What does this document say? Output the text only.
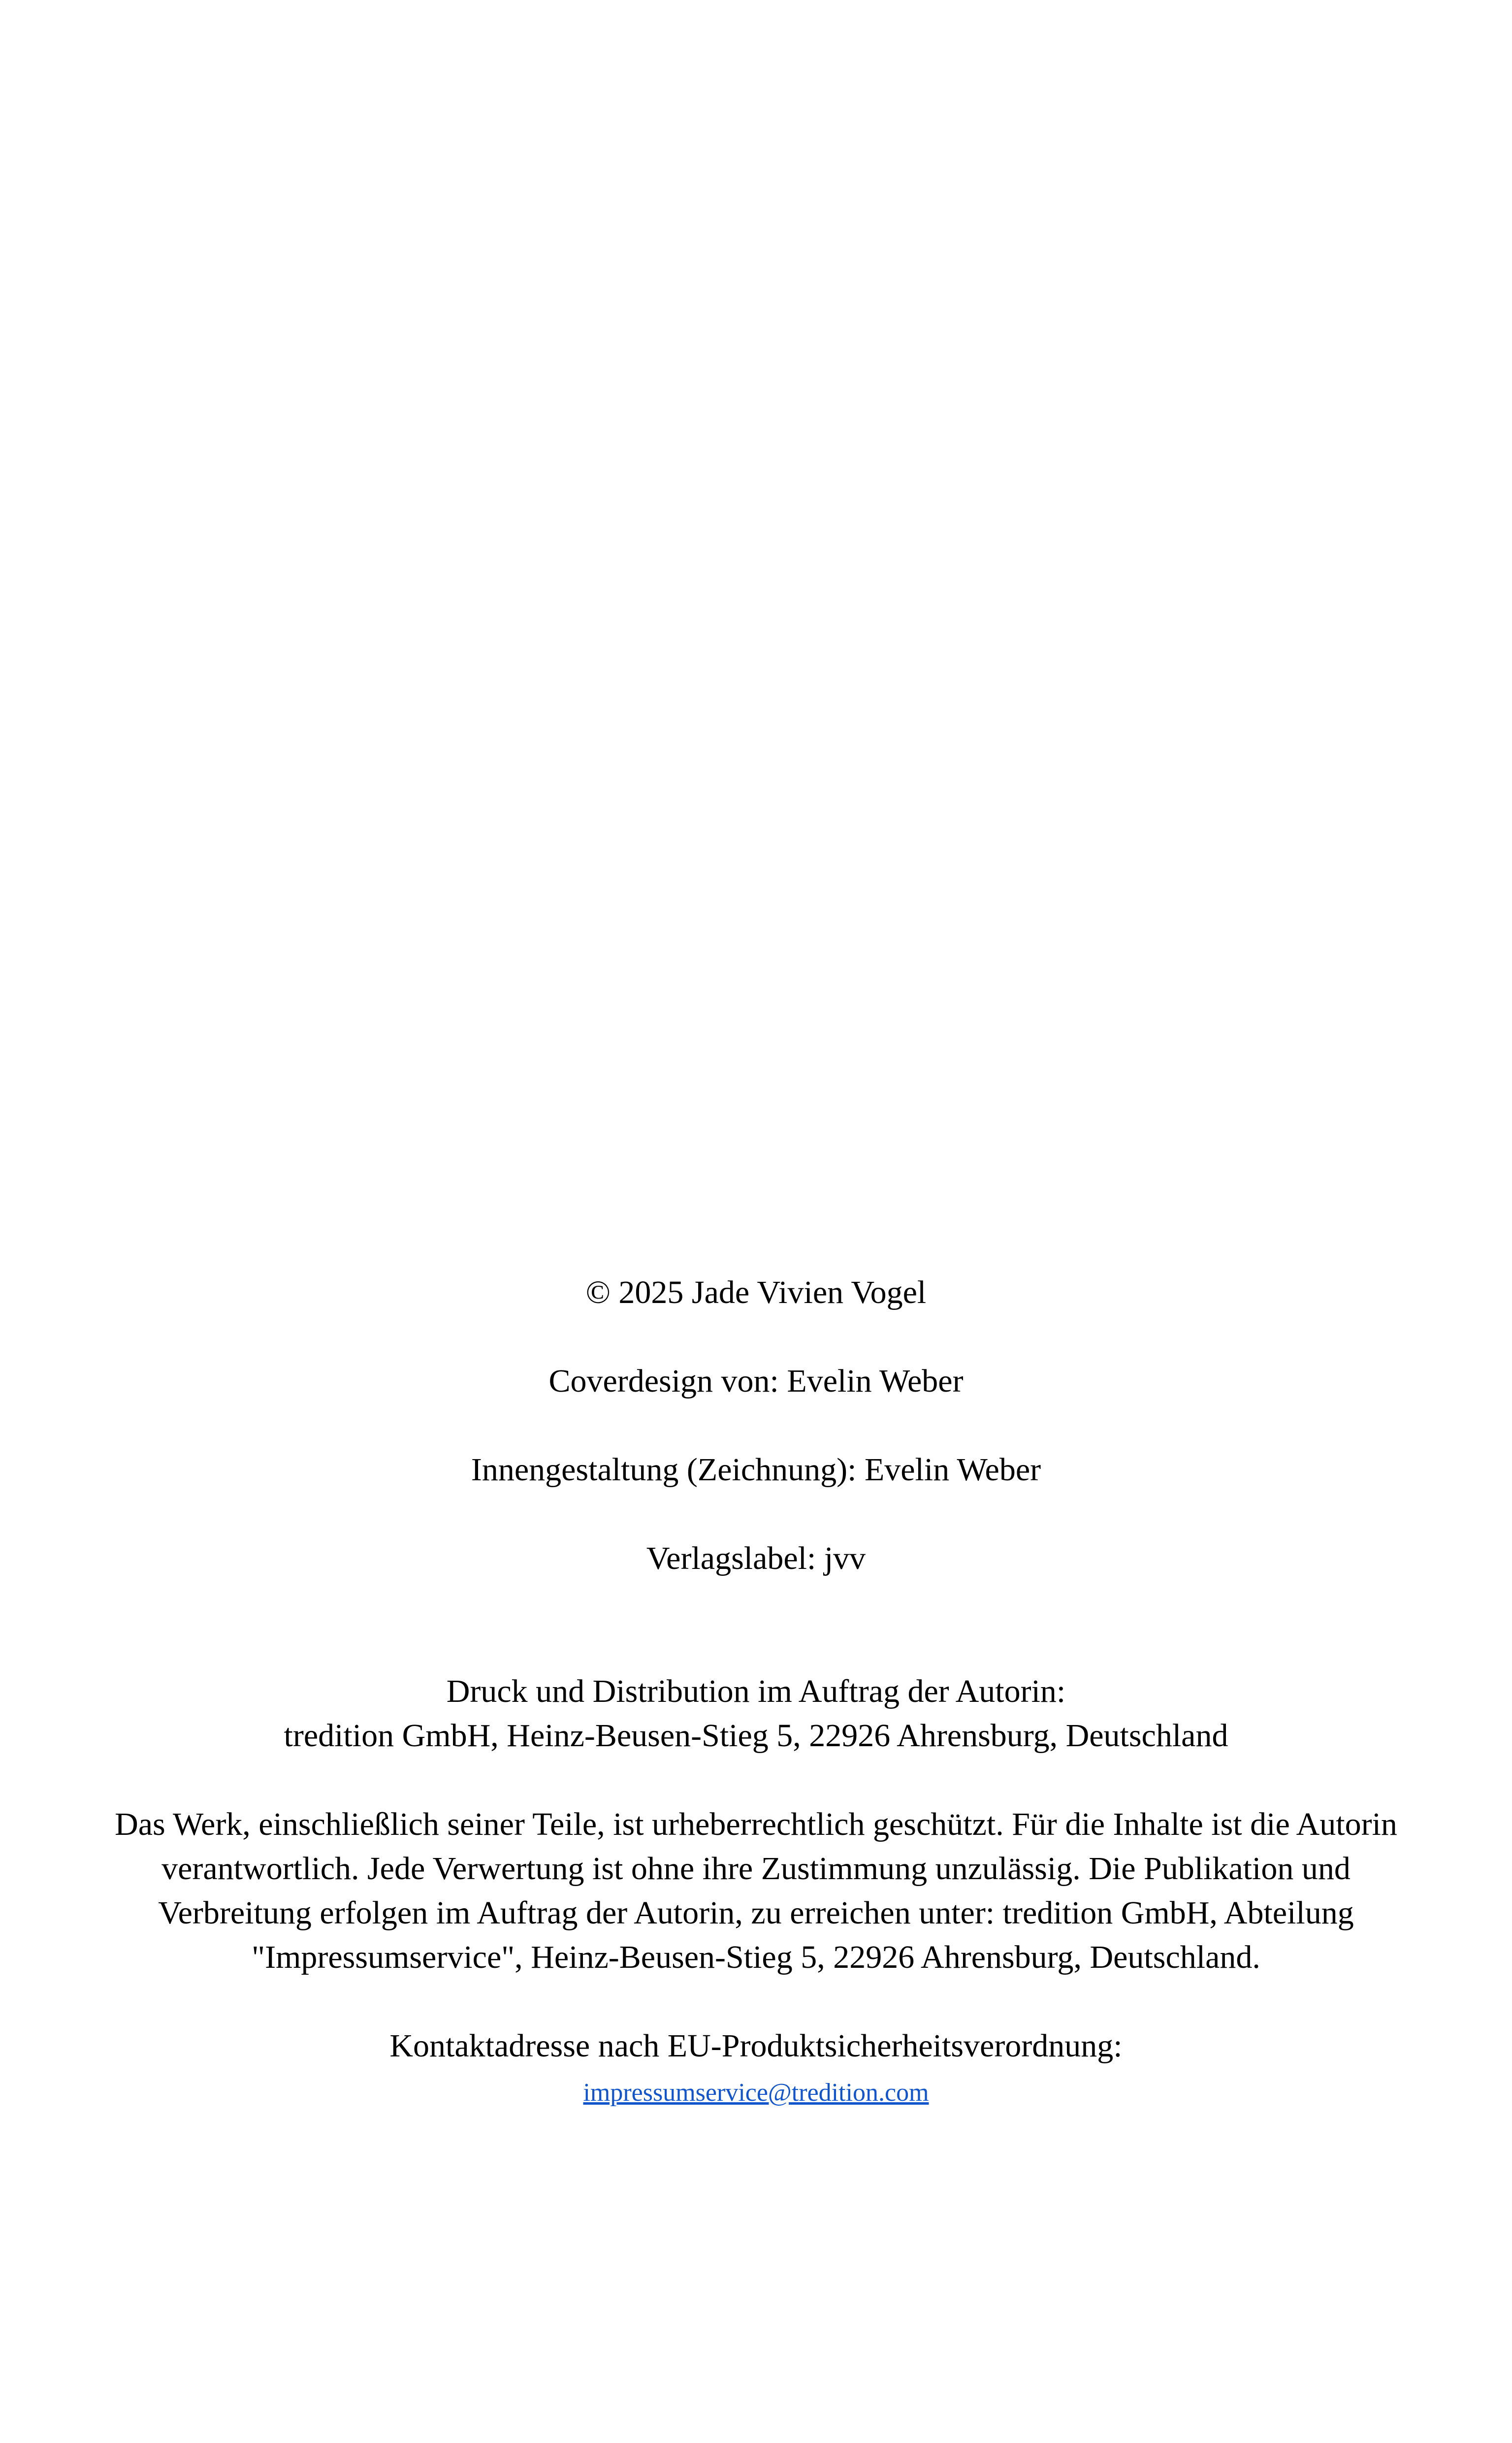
© 2025 Jade Vivien Vogel

Coverdesign von: Evelin Weber

Innengestaltung (Zeichnung): Evelin Weber

Verlagslabel: jvv

Druck und Distribution im Auftrag der Autorin:

tredition GmbH, Heinz-Beusen-Stieg 5, 22926 Ahrensburg, Deutschland

Das Werk, einschließlich seiner Teile, ist urheberrechtlich geschützt. Für die Inhalte ist die Autorin verantwortlich. Jede Verwertung ist ohne ihre Zustimmung unzulässig. Die Publikation und Verbreitung erfolgen im Auftrag der Autorin, zu erreichen unter: tredition GmbH, Abteilung "Impressumservice", Heinz-Beusen-Stieg 5, 22926 Ahrensburg, Deutschland.

Kontaktadresse nach EU-Produktsicherheitsverordnung:

impressumservice@tredition.com
